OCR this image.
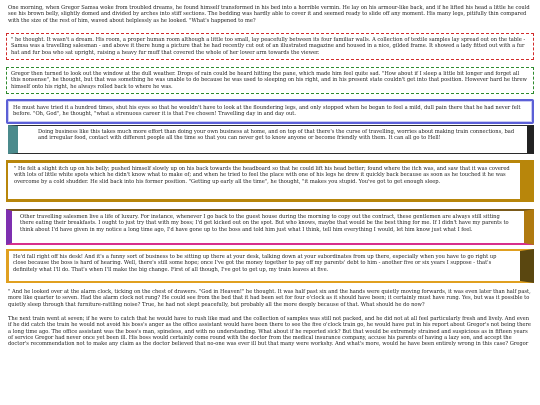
One morning, when Gregor Samsa woke from troubled dreams, he found himself transformed in his bed into a horrible vermin. He lay on his armour-like back, and if he lifted his head a little he could see his brown belly, slightly domed and divided by arches into stiff sections. The bedding was hardly able to cover it and seemed ready to slide off any moment. His many legs, pitifully thin compared with the size of the rest of him, waved about helplessly as he looked. "What's happened to me?

" he thought. It wasn't a dream. His room, a proper human room although a little too small, lay peacefully between its four familiar walls. A collection of textile samples lay spread out on the table - Samsa was a travelling salesman - and above it there hung a picture that he had recently cut out of an illustrated magazine and housed in a nice, gilded frame. It showed a lady fitted out with a fur hat and fur boa who sat upright, raising a heavy fur muff that covered the whole of her lower arm towards the viewer.

Gregor then turned to look out the window at the dull weather. Drops of rain could be heard hitting the pane, which made him feel quite sad. "How about if I sleep a little bit longer and forget all this nonsense", he thought, but that was something he was unable to do because he was used to sleeping on his right, and in his present state couldn't get into that position. However hard he threw himself onto his right, he always rolled back to where he was.

He must have tried it a hundred times, shut his eyes so that he wouldn't have to look at the floundering legs, and only stopped when he began to feel a mild, dull pain there that he had never felt before. "Oh, God", he thought, "what a strenuous career it is that I've chosen! Travelling day in and day out.

Doing business like this takes much more effort than doing your own business at home, and on top of that there's the curse of travelling, worries about making train connections, bad and irregular food, contact with different people all the time so that you can never get to know anyone or become friendly with them. It can all go to Hell!

" He felt a slight itch up on his belly; pushed himself slowly up on his back towards the headboard so that he could lift his head better; found where the itch was, and saw that it was covered with lots of little white spots which he didn't know what to make of; and when he tried to feel the place with one of his legs he drew it quickly back because as soon as he touched it he was overcome by a cold shudder. He slid back into his former position. "Getting up early all the time", he thought, "it makes you stupid. You've got to get enough sleep.

Other travelling salesmen live a life of luxury. For instance, whenever I go back to the guest house during the morning to copy out the contract, these gentlemen are always still sitting there eating their breakfasts. I ought to just try that with my boss; I'd get kicked out on the spot. But who knows, maybe that would be the best thing for me. If I didn't have my parents to think about I'd have given in my notice a long time ago, I'd have gone up to the boss and told him just what I think, tell him everything I would, let him know just what I feel.

He'd fall right off his desk! And it's a funny sort of business to be sitting up there at your desk, talking down at your subordinates from up there, especially when you have to go right up close because the boss is hard of hearing. Well, there's still some hope; once I've got the money together to pay off my parents' debt to him - another five or six years I suppose - that's definitely what I'll do. That's when I'll make the big change. First of all though, I've got to get up, my train leaves at five.

" And he looked over at the alarm clock, ticking on the chest of drawers. "God in Heaven!" he thought. It was half past six and the hands were quietly moving forwards, it was even later than half past, more like quarter to seven. Had the alarm clock not rung? He could see from the bed that it had been set for four o'clock as it should have been; it certainly must have rung. Yes, but was it possible to quietly sleep through that furniture-rattling noise? True, he had not slept peacefully, but probably all the more deeply because of that. What should he do now?

The next train went at seven; if he were to catch that he would have to rush like mad and the collection of samples was still not packed, and he did not at all feel particularly fresh and lively. And even if he did catch the train he would not avoid his boss's anger as the office assistant would have been there to see the five o'clock train go, he would have put in his report about Gregor's not being there a long time ago. The office assistant was the boss's man, spineless, and with no understanding. What about if he reported sick? But that would be extremely strained and suspicious as in fifteen years of service Gregor had never once yet been ill. His boss would certainly come round with the doctor from the medical insurance company, accuse his parents of having a lazy son, and accept the doctor's recommendation not to make any claim as the doctor believed that no-one was ever ill but that many were workshy. And what's more, would he have been entirely wrong in this case? Gregor
